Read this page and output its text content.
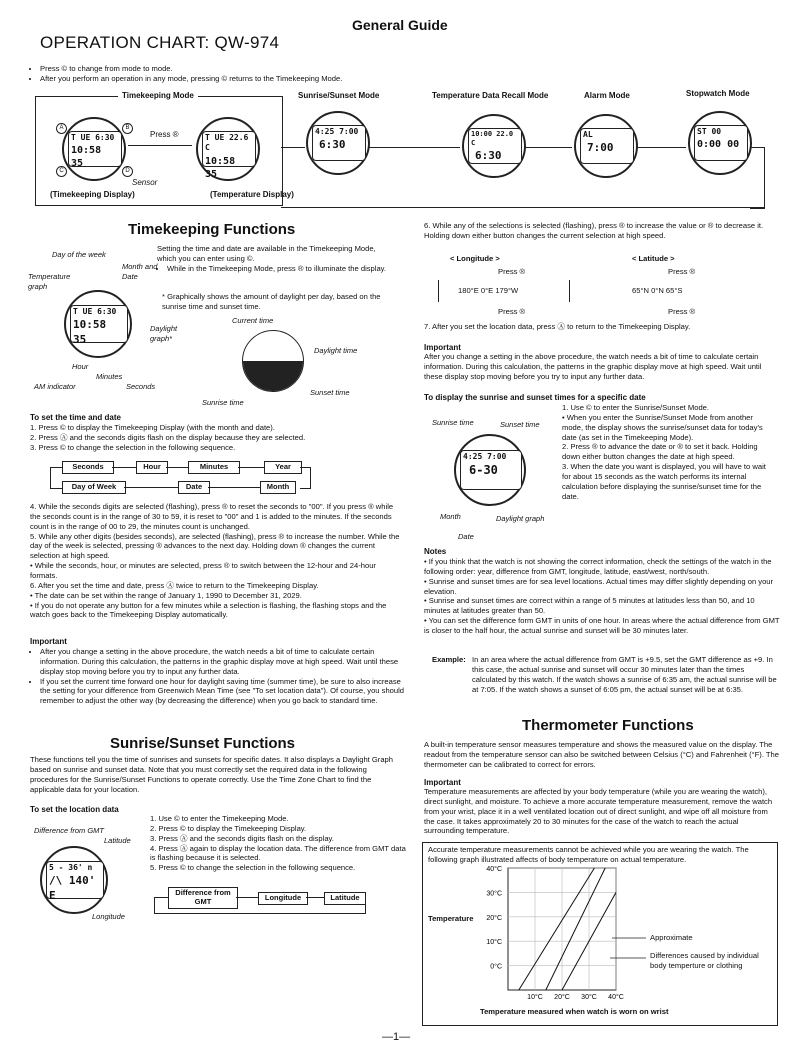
General Guide
OPERATION CHART: QW-974
• Press © to change from mode to mode.
• After you perform an operation in any mode, pressing © returns to the Timekeeping Mode.
Timekeeping Mode	Sunrise/Sunset Mode	Temperature Data Recall Mode	Alarm Mode	Stopwatch Mode
T UE 6:30
10:58 35
A	B
C	D
Sensor
(Timekeeping Display)
Press ®	T UE 22.6 C
10:58 35
(Temperature Display)
4:25 7:00
6:30
10:00 22.0 C
6:30
AL
7:00
ST 00
0:00 00
Timekeeping Functions
Day of the week
Month and Date
Temperature graph
T UE 6:30
10:58 35
Daylight graph*
Hour
Minutes
AM indicator	Seconds
Setting the time and date are available in the Timekeeping Mode, which you can enter using ©.
• While in the Timekeeping Mode, press ® to illuminate the display.
* Graphically shows the amount of daylight per day, based on the sunrise time and sunset time.
Current time
Daylight time
Sunset time
Sunrise time
To set the time and date
1. Press © to display the Timekeeping Display (with the month and date).
2. Press Ⓐ and the seconds digits flash on the display because they are selected.
3. Press © to change the selection in the following sequence.
Seconds	Hour	Minutes	Year
Day of Week	Date	Month
4. While the seconds digits are selected (flashing), press ® to reset the seconds to "00". If you press ® while the seconds count is in the range of 30 to 59, it is reset to "00" and 1 is added to the minutes. If the seconds count is in the range of 00 to 29, the minutes count is unchanged.
5. While any other digits (besides seconds), are selected (flashing), press ® to increase the number. While the day of the week is selected, pressing ® advances to the next day. Holding down ® changes the current selection at high speed.
• While the seconds, hour, or minutes are selected, press ® to switch between the 12-hour and 24-hour formats.
6. After you set the time and date, press Ⓐ twice to return to the Timekeeping Display.
• The date can be set within the range of January 1, 1990 to December 31, 2029.
• If you do not operate any button for a few minutes while a selection is flashing, the flashing stops and the watch goes back to the Timekeeping Display automatically.
Important
• After you change a setting in the above procedure, the watch needs a bit of time to calculate certain information. During this calculation, the patterns in the graphic display move at high speed. Wait until these display stop moving before you try to input any further data.
• If you set the current time forward one hour for daylight saving time (summer time), be sure to also increase the setting for your difference from Greenwich Mean Time (see "To set location data"). Of course, you should remember to adjust the other way (by decreasing the difference) when you go back to standard time.
Sunrise/Sunset Functions
These functions tell you the time of sunrises and sunsets for specific dates. It also displays a Daylight Graph based on sunrise and sunset data. Note that you must correctly set the required data in the following procedures for the Sunrise/Sunset Functions to operate correctly. Use the Time Zone Chart to find the applicable data for your location.
To set the location data
Difference from GMT
Latitude
5 - 36' n
/\ 140' E
Longitude
1. Use © to enter the Timekeeping Mode.
2. Press © to display the Timekeeping Display.
3. Press Ⓐ and the seconds digits flash on the display.
4. Press Ⓐ again to display the location data. The difference from GMT data is flashing because it is selected.
5. Press © to change the selection in the following sequence.
Difference from GMT	Longitude	Latitude
6. While any of the selections is selected (flashing), press ® to increase the value or ® to decrease it. Holding down either button changes the current selection at high speed.
< Longitude >	< Latitude >
Press ®	Press ®
180°E 0°E 179°W	65°N 0°N 65°S
Press ®	Press ®
7. After you set the location data, press Ⓐ to return to the Timekeeping Display.
Important
After you change a setting in the above procedure, the watch needs a bit of time to calculate certain information. During this calculation, the patterns in the graphic display move at high speed. Wait until these display stop moving before you try to input any further data.
To display the sunrise and sunset times for a specific date
Sunrise time	Sunset time
4:25 7:00
6-30
Month	Daylight graph
Date
1. Use © to enter the Sunrise/Sunset Mode.
• When you enter the Sunrise/Sunset Mode from another mode, the display shows the sunrise/sunset data for today's date (as set in the Timekeeping Mode).
2. Press ® to advance the date or ® to set it back. Holding down either button changes the date at high speed.
3. When the date you want is displayed, you will have to wait for about 15 seconds as the watch performs its internal calculation before displaying the sunrise/sunset time for the date.
Notes
• If you think that the watch is not showing the correct information, check the settings of the watch in the following order: year, difference from GMT, longitude, latitude, east/west, north/south.
• Sunrise and sunset times are for sea level locations. Actual times may differ slightly depending on your elevation.
• Sunrise and sunset times are correct within a range of 5 minutes at latitudes less than 50, and 10 minutes at latitudes greater than 50.
• You can set the difference form GMT in units of one hour. In areas where the actual difference from GMT is closer to the half hour, the actual sunrise and sunset will be 30 minutes later.
Example: In an area where the actual difference from GMT is +9.5, set the GMT difference as +9. In this case, the actual sunrise and sunset will occur 30 minutes later than the times calculated by this watch. If the watch shows a sunrise of 6:35 am, the actual sunrise will be at 7:05. If the watch shows a sunset of 6:05 pm, the actual sunset will be at 6:35.
Thermometer Functions
A built-in temperature sensor measures temperature and shows the measured value on the display. The readout from the temperature sensor can also be switched between Celsius (°C) and Fahrenheit (°F). The thermometer can be calibrated to correct for errors.
Important
Temperature measurements are affected by your body temperature (while you are wearing the watch), direct sunlight, and moisture. To achieve a more accurate temperature measurement, remove the watch from your wrist, place it in a well ventilated location out of direct sunlight, and wipe off all moisture from the case. It takes approximately 20 to 30 minutes for the case of the watch to reach the actual surrounding temperature.
Accurate temperature measurements cannot be achieved while you are wearing the watch. The following graph illustrated affects of body temperature on actual temperature.
40°C
30°C
20°C
10°C
0°C
10°C 20°C 30°C 40°C
Temperature
Temperature measured when watch is worn on wrist
Approximate
Differences caused by individual body temperture or clothing
—1—
